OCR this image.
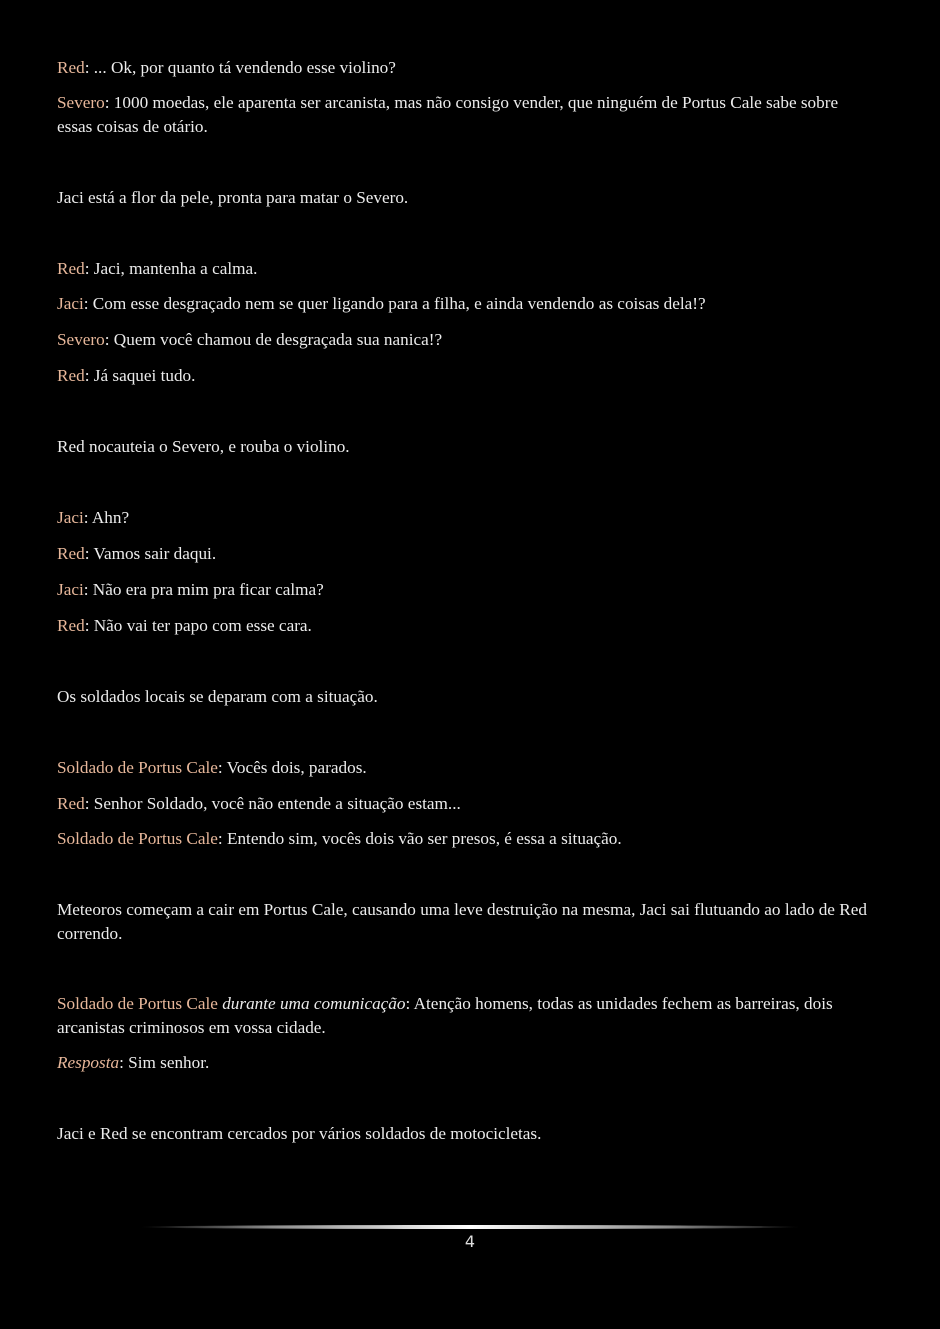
Red: ... Ok, por quanto tá vendendo esse violino?

Severo: 1000 moedas, ele aparenta ser arcanista, mas não consigo vender, que ninguém de Portus Cale sabe sobre essas coisas de otário.

Jaci está a flor da pele, pronta para matar o Severo.

Red: Jaci, mantenha a calma.

Jaci: Com esse desgraçado nem se quer ligando para a filha, e ainda vendendo as coisas dela!?

Severo: Quem você chamou de desgraçada sua nanica!?

Red: Já saquei tudo.

Red nocauteia o Severo, e rouba o violino.

Jaci: Ahn?

Red: Vamos sair daqui.

Jaci: Não era pra mim pra ficar calma?

Red: Não vai ter papo com esse cara.

Os soldados locais se deparam com a situação.

Soldado de Portus Cale: Vocês dois, parados.

Red: Senhor Soldado, você não entende a situação estam...

Soldado de Portus Cale: Entendo sim, vocês dois vão ser presos, é essa a situação.

Meteoros começam a cair em Portus Cale, causando uma leve destruição na mesma, Jaci sai flutuando ao lado de Red correndo.

Soldado de Portus Cale durante uma comunicação: Atenção homens, todas as unidades fechem as barreiras, dois arcanistas criminosos em vossa cidade.

Resposta: Sim senhor.

Jaci e Red se encontram cercados por vários soldados de motocicletas.

4
